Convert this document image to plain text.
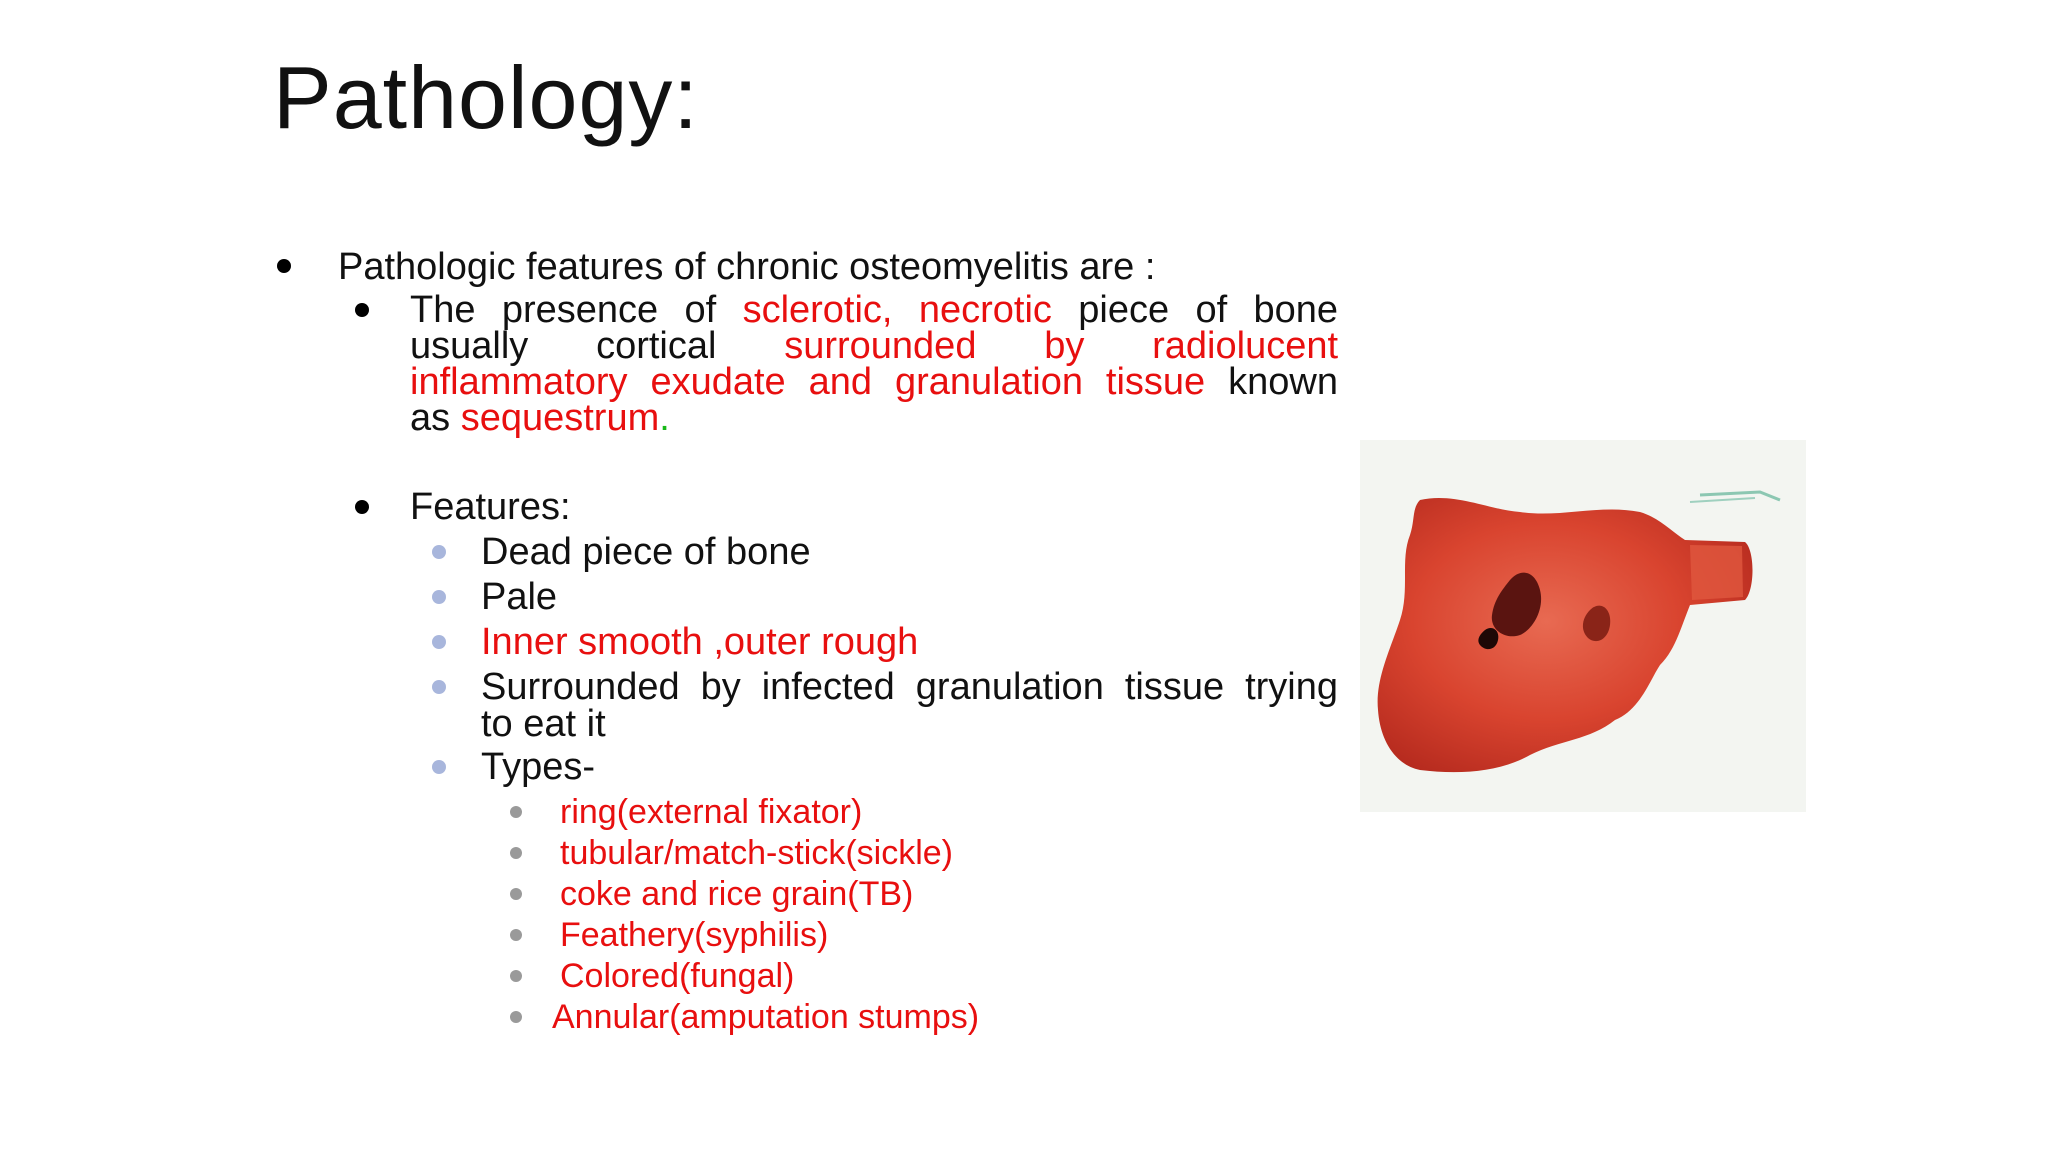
Pathology:
Pathologic features of chronic osteomyelitis are :
The presence of sclerotic, necrotic piece of bone
usually cortical surrounded by radiolucent
inflammatory exudate and granulation tissue known
as sequestrum.
Features:
Dead piece of bone
Pale
Inner smooth ,outer rough
Surrounded by infected granulation tissue trying
to eat it
Types-
ring(external fixator)
tubular/match-stick(sickle)
coke and rice grain(TB)
Feathery(syphilis)
Colored(fungal)
Annular(amputation stumps)
